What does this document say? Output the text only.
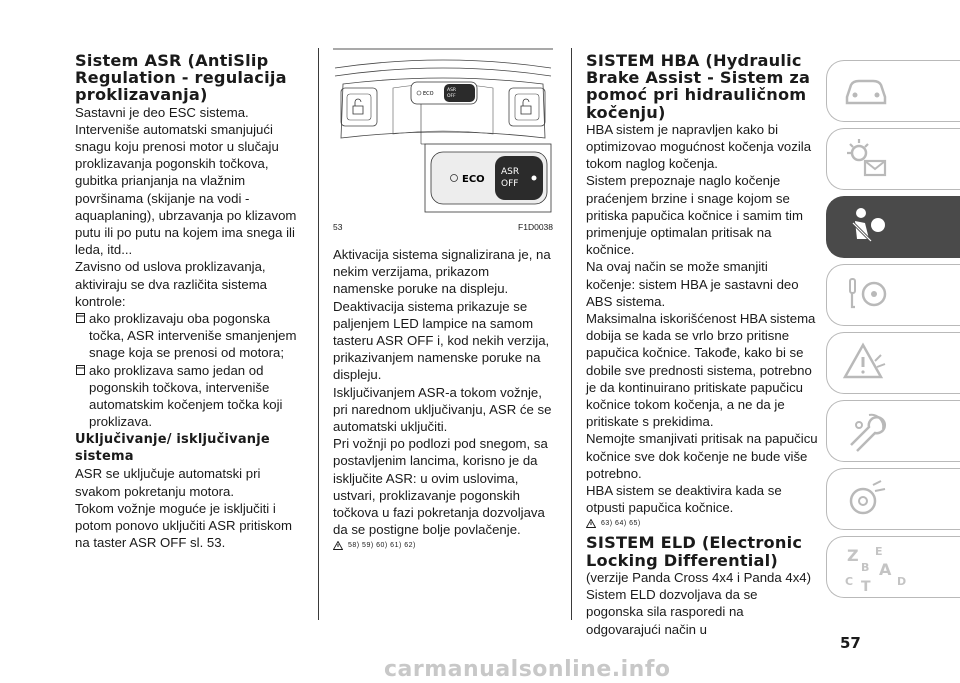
Sistem ASR (AntiSlip Regulation - regulacija proklizavanja)

Sastavni je deo ESC sistema. Interveniše automatski smanjujući snagu koju prenosi motor u slučaju proklizavanja pogonskih točkova, gubitka prianjanja na vlažnim površinama (skijanje na vodi - aquaplaning), ubrzavanja po klizavom putu ili po putu na kojem ima snega ili leda, itd...

Zavisno od uslova proklizavanja, aktiviraju se dva različita sistema kontrole:

ako proklizavaju oba pogonska točka, ASR interveniše smanjenjem snage koja se prenosi od motora;

ako proklizava samo jedan od pogonskih točkova, interveniše automatskim kočenjem točka koji proklizava.

Uključivanje/ isključivanje sistema

ASR se uključuje automatski pri svakom pokretanju motora.

Tokom vožnje moguće je isključiti i potom ponovo uključiti ASR pritiskom na taster ASR OFF sl. 53.

ECO
ASR
OFF
ECO
ASR
OFF
53	F1D0038

Aktivacija sistema signalizirana je, na nekim verzijama, prikazom namenske poruke na displeju.

Deaktivacija sistema prikazuje se paljenjem LED lampice na samom tasteru ASR OFF i, kod nekih verzija, prikazivanjem namenske poruke na displeju.

Isključivanjem ASR-a tokom vožnje, pri narednom uključivanju, ASR će se automatski uključiti.

Pri vožnji po podlozi pod snegom, sa postavljenim lancima, korisno je da isključite ASR: u ovim uslovima, ustvari, proklizavanje pogonskih točkova u fazi pokretanja dozvoljava da se postigne bolje povlačenje.

58) 59) 60) 61) 62)
SISTEM HBA (Hydraulic Brake Assist - Sistem za pomoć pri hidrauličnom kočenju)

HBA sistem je napravljen kako bi optimizovao mogućnost kočenja vozila tokom naglog kočenja.

Sistem prepoznaje naglo kočenje praćenjem brzine i snage kojom se pritiska papučica kočnice i samim tim primenjuje optimalan pritisak na kočnice.

Na ovaj način se može smanjiti kočenje: sistem HBA je sastavni deo ABS sistema.

Maksimalna iskorišćenost HBA sistema dobija se kada se vrlo brzo pritisne papučica kočnice. Takođe, kako bi se dobile sve prednosti sistema, potrebno je da kontinuirano pritiskate papučicu kočnice tokom kočenja, a ne da je pritiskate s prekidima.

Nemojte smanjivati pritisak na papučicu kočnice sve dok kočenje ne bude više potrebno.

HBA sistem se deaktivira kada se otpusti papučica kočnice.

63) 64) 65)
SISTEM ELD (Electronic Locking Differential)

(verzije Panda Cross 4x4 i Panda 4x4)

Sistem ELD dozvoljava da se pogonska sila rasporedi na odgovarajući način u

Z E
B A
C T D
57
carmanualsonline.info
